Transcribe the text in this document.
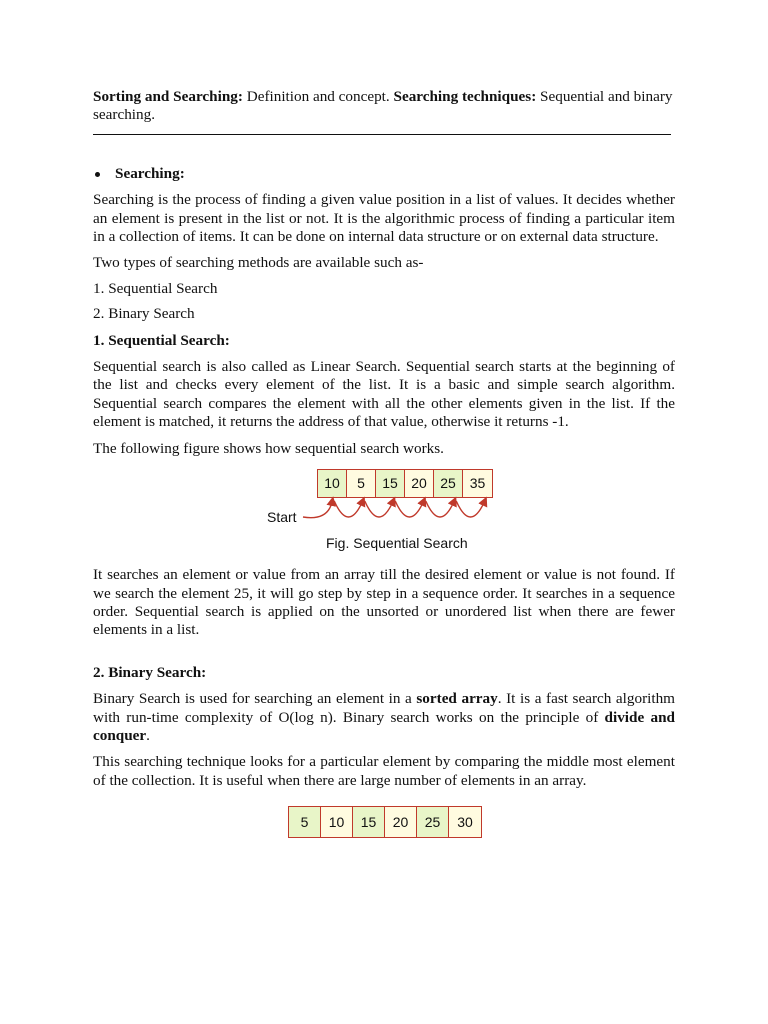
Sorting and Searching: Definition and concept. Searching techniques: Sequential and binary searching.

Searching:

Searching is the process of finding a given value position in a list of values. It decides whether an element is present in the list or not. It is the algorithmic process of finding a particular item in a collection of items. It can be done on internal data structure or on external data structure.

Two types of searching methods are available such as-

1. Sequential Search

2. Binary Search

1. Sequential Search:

Sequential search is also called as Linear Search. Sequential search starts at the beginning of the list and checks every element of the list. It is a basic and simple search algorithm. Sequential search compares the element with all the other elements given in the list. If the element is matched, it returns the address of that value, otherwise it returns -1.

The following figure shows how sequential search works.

10	5	15 20 25 35
Start
Fig. Sequential Search

It searches an element or value from an array till the desired element or value is not found. If we search the element 25, it will go step by step in a sequence order. It searches in a sequence order. Sequential search is applied on the unsorted or unordered list when there are fewer elements in a list.

2. Binary Search:

Binary Search is used for searching an element in a sorted array. It is a fast search algorithm with run-time complexity of O(log n). Binary search works on the principle of divide and conquer.

This searching technique looks for a particular element by comparing the middle most element of the collection. It is useful when there are large number of elements in an array.

5	10	15	20	25	30
